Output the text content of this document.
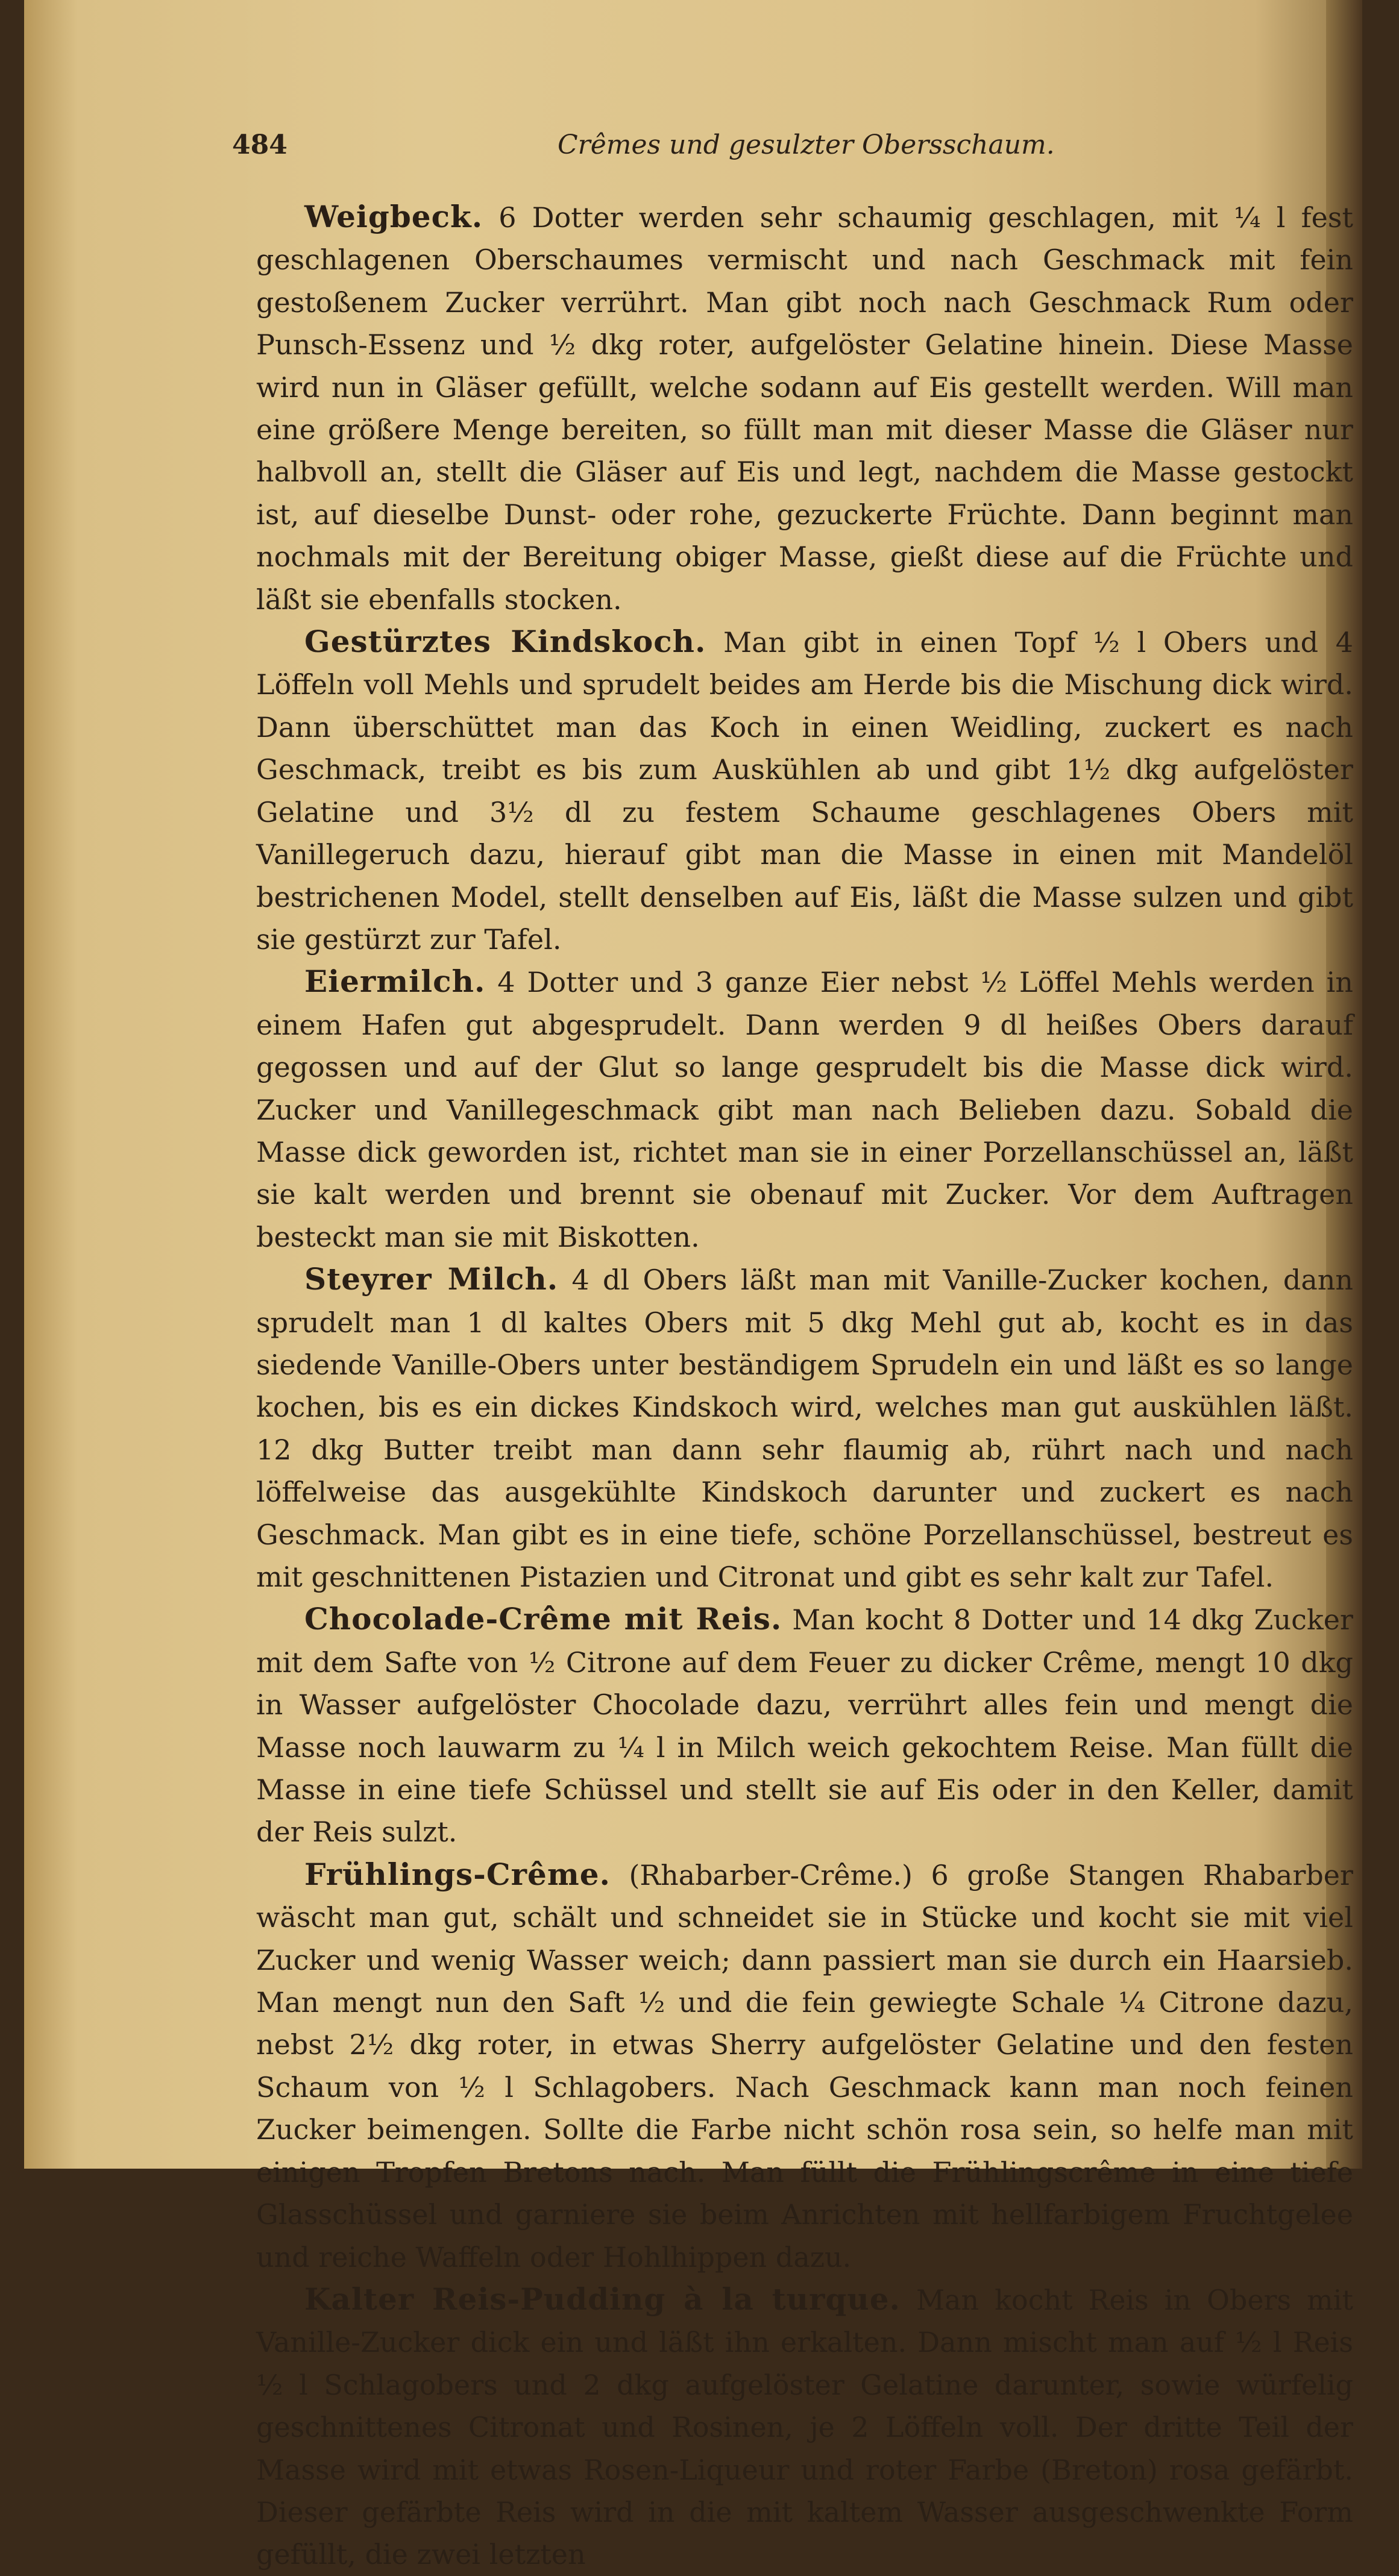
484	Crêmes und gesulzter Obersschaum.

Weigbeck. 6 Dotter werden sehr schaumig geschlagen, mit ¼ l fest geschlagenen Oberschaumes vermischt und nach Geschmack mit fein gestoßenem Zucker verrührt. Man gibt noch nach Geschmack Rum oder Punsch-Essenz und ½ dkg roter, aufgelöster Gelatine hinein. Diese Masse wird nun in Gläser gefüllt, welche sodann auf Eis gestellt werden. Will man eine größere Menge bereiten, so füllt man mit dieser Masse die Gläser nur halbvoll an, stellt die Gläser auf Eis und legt, nachdem die Masse gestockt ist, auf dieselbe Dunst- oder rohe, gezuckerte Früchte. Dann beginnt man nochmals mit der Bereitung obiger Masse, gießt diese auf die Früchte und läßt sie ebenfalls stocken.

Gestürztes Kindskoch. Man gibt in einen Topf ½ l Obers und 4 Löffeln voll Mehls und sprudelt beides am Herde bis die Mischung dick wird. Dann überschüttet man das Koch in einen Weidling, zuckert es nach Geschmack, treibt es bis zum Auskühlen ab und gibt 1½ dkg aufgelöster Gelatine und 3½ dl zu festem Schaume geschlagenes Obers mit Vanillegeruch dazu, hierauf gibt man die Masse in einen mit Mandelöl bestrichenen Model, stellt denselben auf Eis, läßt die Masse sulzen und gibt sie gestürzt zur Tafel.

Eiermilch. 4 Dotter und 3 ganze Eier nebst ½ Löffel Mehls werden in einem Hafen gut abgesprudelt. Dann werden 9 dl heißes Obers darauf gegossen und auf der Glut so lange gesprudelt bis die Masse dick wird. Zucker und Vanillegeschmack gibt man nach Belieben dazu. Sobald die Masse dick geworden ist, richtet man sie in einer Porzellanschüssel an, läßt sie kalt werden und brennt sie obenauf mit Zucker. Vor dem Auftragen besteckt man sie mit Biskotten.

Steyrer Milch. 4 dl Obers läßt man mit Vanille-Zucker kochen, dann sprudelt man 1 dl kaltes Obers mit 5 dkg Mehl gut ab, kocht es in das siedende Vanille-Obers unter beständigem Sprudeln ein und läßt es so lange kochen, bis es ein dickes Kindskoch wird, welches man gut auskühlen läßt. 12 dkg Butter treibt man dann sehr flaumig ab, rührt nach und nach löffelweise das ausgekühlte Kindskoch darunter und zuckert es nach Geschmack. Man gibt es in eine tiefe, schöne Porzellanschüssel, bestreut es mit geschnittenen Pistazien und Citronat und gibt es sehr kalt zur Tafel.

Chocolade-Crême mit Reis. Man kocht 8 Dotter und 14 dkg Zucker mit dem Safte von ½ Citrone auf dem Feuer zu dicker Crême, mengt 10 dkg in Wasser aufgelöster Chocolade dazu, verrührt alles fein und mengt die Masse noch lauwarm zu ¼ l in Milch weich gekochtem Reise. Man füllt die Masse in eine tiefe Schüssel und stellt sie auf Eis oder in den Keller, damit der Reis sulzt.

Frühlings-Crême. (Rhabarber-Crême.) 6 große Stangen Rhabarber wäscht man gut, schält und schneidet sie in Stücke und kocht sie mit viel Zucker und wenig Wasser weich; dann passiert man sie durch ein Haarsieb. Man mengt nun den Saft ½ und die fein gewiegte Schale ¼ Citrone dazu, nebst 2½ dkg roter, in etwas Sherry aufgelöster Gelatine und den festen Schaum von ½ l Schlagobers. Nach Geschmack kann man noch feinen Zucker beimengen. Sollte die Farbe nicht schön rosa sein, so helfe man mit einigen Tropfen Bretons nach. Man füllt die Frühlingscrême in eine tiefe Glasschüssel und garniere sie beim Anrichten mit hellfarbigem Fruchtgelee und reiche Waffeln oder Hohlhippen dazu.

Kalter Reis-Pudding à la turque. Man kocht Reis in Obers mit Vanille-Zucker dick ein und läßt ihn erkalten. Dann mischt man auf ½ l Reis ½ l Schlagobers und 2 dkg aufgelöster Gelatine darunter, sowie würfelig geschnittenes Citronat und Rosinen, je 2 Löffeln voll. Der dritte Teil der Masse wird mit etwas Rosen-Liqueur und roter Farbe (Breton) rosa gefärbt. Dieser gefärbte Reis wird in die mit kaltem Wasser ausgeschwenkte Form gefüllt, die zwei letzten
